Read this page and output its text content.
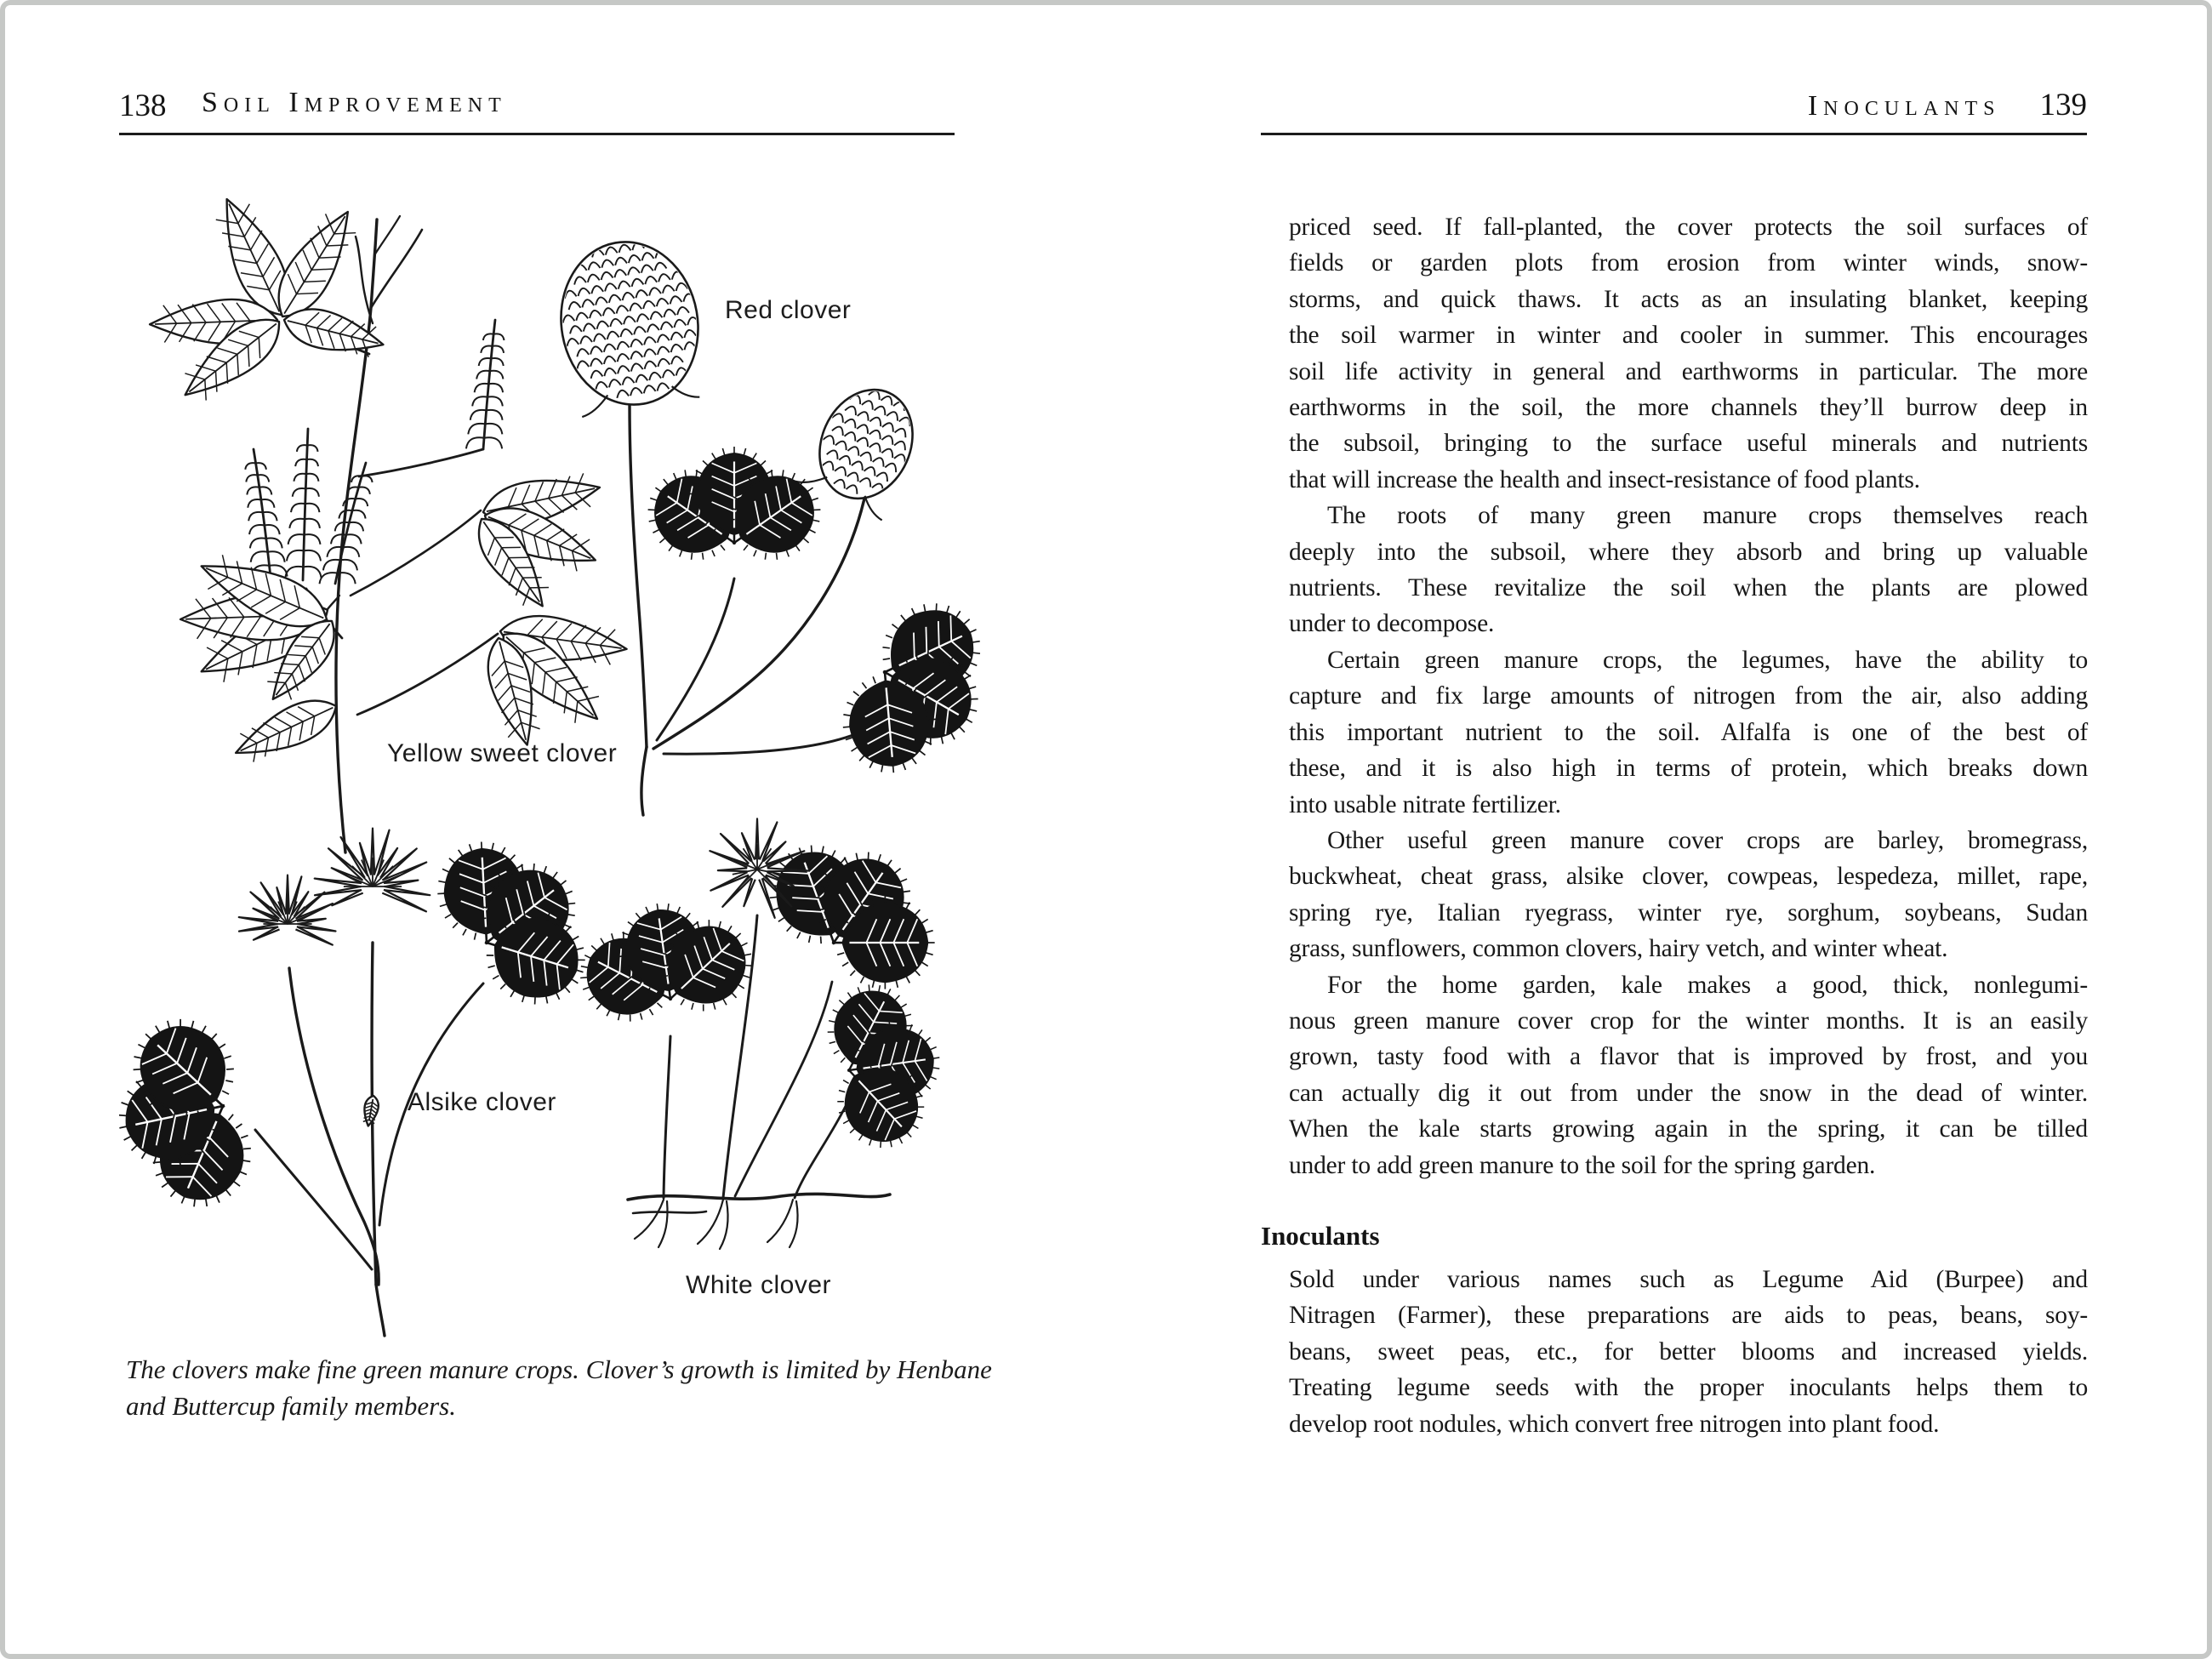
138 Soil Improvement	Inoculants 139
Red clover
Yellow sweet clover
Alsike clover
White clover
The clovers make fine green manure crops. Clover’s growth is limited by Henbane
and Buttercup family members.
priced seed. If fall-planted, the cover protects the soil surfaces of
fields or garden plots from erosion from winter winds, snow-
storms, and quick thaws. It acts as an insulating blanket, keeping
the soil warmer in winter and cooler in summer. This encourages
soil life activity in general and earthworms in particular. The more
earthworms in the soil, the more channels they’ll burrow deep in
the subsoil, bringing to the surface useful minerals and nutrients
that will increase the health and insect-resistance of food plants.
The roots of many green manure crops themselves reach
deeply into the subsoil, where they absorb and bring up valuable
nutrients. These revitalize the soil when the plants are plowed
under to decompose.
Certain green manure crops, the legumes, have the ability to
capture and fix large amounts of nitrogen from the air, also adding
this important nutrient to the soil. Alfalfa is one of the best of
these, and it is also high in terms of protein, which breaks down
into usable nitrate fertilizer.
Other useful green manure cover crops are barley, bromegrass,
buckwheat, cheat grass, alsike clover, cowpeas, lespedeza, millet, rape,
spring rye, Italian ryegrass, winter rye, sorghum, soybeans, Sudan
grass, sunflowers, common clovers, hairy vetch, and winter wheat.
For the home garden, kale makes a good, thick, nonlegumi-
nous green manure cover crop for the winter months. It is an easily
grown, tasty food with a flavor that is improved by frost, and you
can actually dig it out from under the snow in the dead of winter.
When the kale starts growing again in the spring, it can be tilled
under to add green manure to the soil for the spring garden.
Inoculants
Sold under various names such as Legume Aid (Burpee) and
Nitragen (Farmer), these preparations are aids to peas, beans, soy-
beans, sweet peas, etc., for better blooms and increased yields.
Treating legume seeds with the proper inoculants helps them to
develop root nodules, which convert free nitrogen into plant food.
